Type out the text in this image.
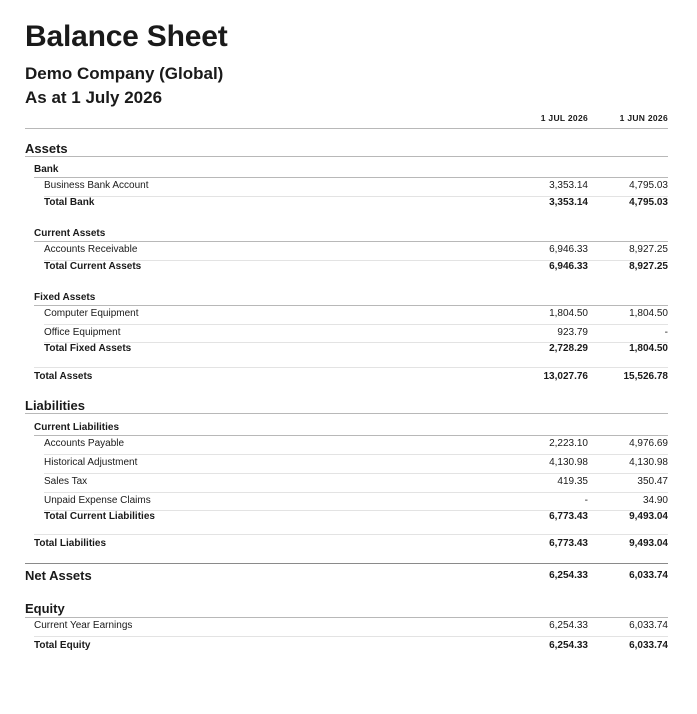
Balance Sheet
Demo Company (Global)
As at 1 July 2026
1 JUL 2026	1 JUN 2026
Assets
Bank
Business Bank Account	3,353.14	4,795.03
Total Bank	3,353.14	4,795.03
Current Assets
Accounts Receivable	6,946.33	8,927.25
Total Current Assets	6,946.33	8,927.25
Fixed Assets
Computer Equipment	1,804.50	1,804.50
Office Equipment	923.79	-
Total Fixed Assets	2,728.29	1,804.50
Total Assets	13,027.76	15,526.78
Liabilities
Current Liabilities
Accounts Payable	2,223.10	4,976.69
Historical Adjustment	4,130.98	4,130.98
Sales Tax	419.35	350.47
Unpaid Expense Claims	-	34.90
Total Current Liabilities	6,773.43	9,493.04
Total Liabilities	6,773.43	9,493.04
Net Assets	6,254.33	6,033.74
Equity
Current Year Earnings	6,254.33	6,033.74
Total Equity	6,254.33	6,033.74
